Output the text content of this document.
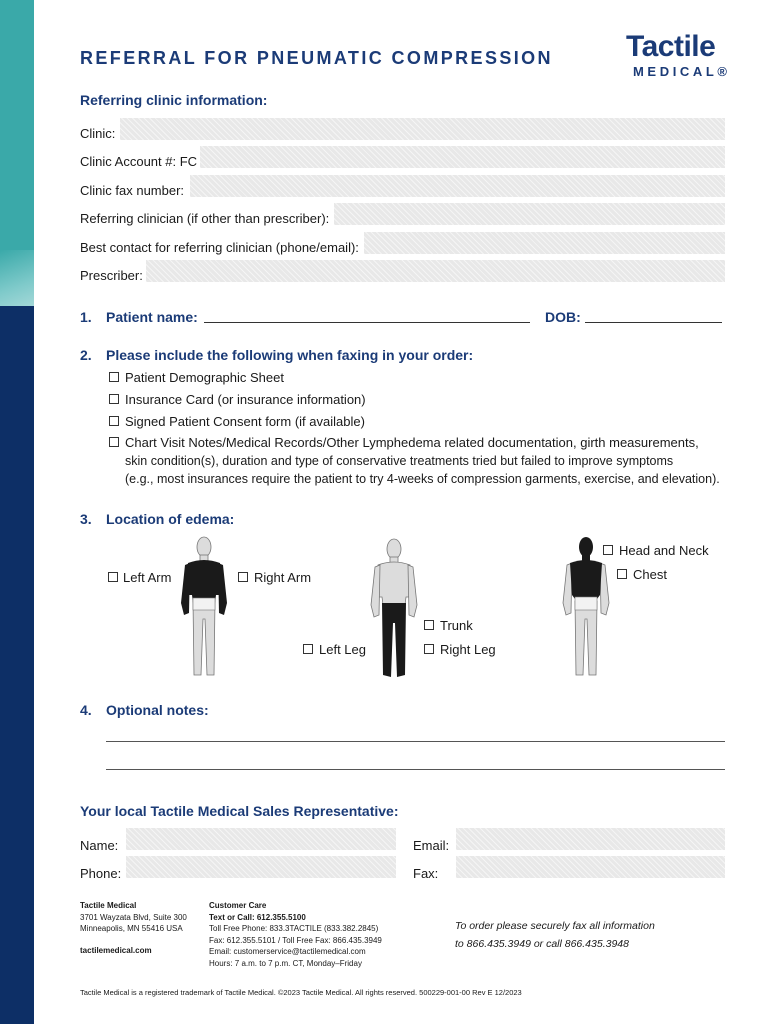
REFERRAL FOR PNEUMATIC COMPRESSION Tactile
MEDICAL®
Referring clinic information:
Clinic:
Clinic Account #: FC
Clinic fax number:
Referring clinician (if other than prescriber):
Best contact for referring clinician (phone/email):
Prescriber:
1. Patient name:	DOB:
2. Please include the following when faxing in your order:
Patient Demographic Sheet
Insurance Card (or insurance information)
Signed Patient Consent form (if available)
Chart Visit Notes/Medical Records/Other Lymphedema related documentation, girth measurements,
skin condition(s), duration and type of conservative treatments tried but failed to improve symptoms
(e.g., most insurances require the patient to try 4-weeks of compression garments, exercise, and elevation).
3. Location of edema:
Left Arm	Right Arm
Left Leg
Trunk
Right Leg
Head and Neck
Chest
4. Optional notes:
Your local Tactile Medical Sales Representative:
Name:
Phone:
Email:
Fax:
Tactile Medical
3701 Wayzata Blvd, Suite 300
Minneapolis, MN 55416 USA
tactilemedical.com
Customer Care
Text or Call: 612.355.5100
Toll Free Phone: 833.3TACTILE (833.382.2845)
Fax: 612.355.5101 / Toll Free Fax: 866.435.3949
Email: customerservice@tactilemedical.com
Hours: 7 a.m. to 7 p.m. CT, Monday–Friday
To order please securely fax all information
to 866.435.3949 or call 866.435.3948
Tactile Medical is a registered trademark of Tactile Medical. ©2023 Tactile Medical. All rights reserved. 500229-001-00 Rev E 12/2023
